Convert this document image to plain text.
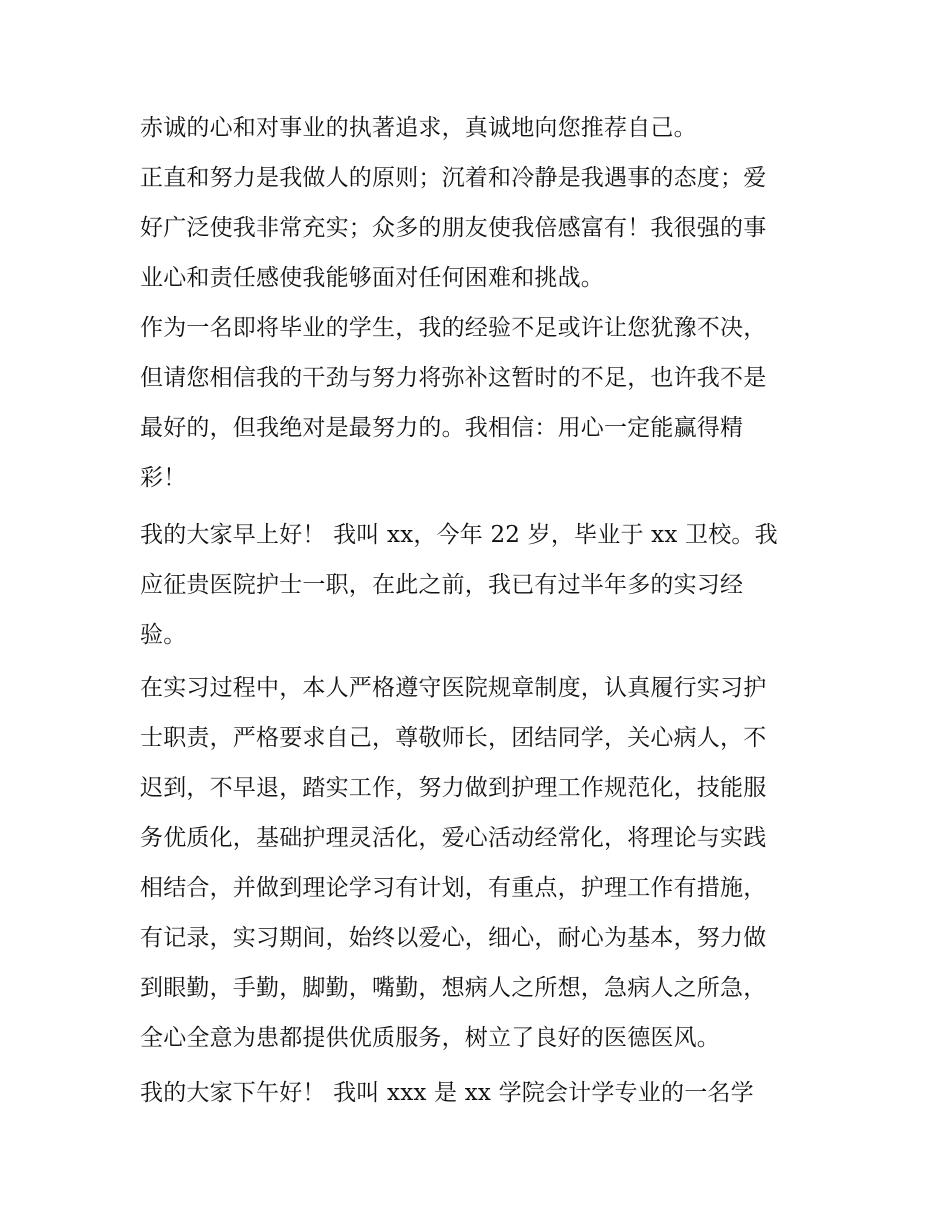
赤诚的心和对事业的执著追求，真诚地向您推荐自己。
正直和努力是我做人的原则；沉着和冷静是我遇事的态度；爱
好广泛使我非常充实；众多的朋友使我倍感富有！我很强的事
业心和责任感使我能够面对任何困难和挑战。
作为一名即将毕业的学生，我的经验不足或许让您犹豫不决，
但请您相信我的干劲与努力将弥补这暂时的不足，也许我不是
最好的，但我绝对是最努力的。我相信：用心一定能赢得精
彩！
我的大家早上好！ 我叫 xx，今年 22 岁，毕业于 xx 卫校。我
应征贵医院护士一职，在此之前，我已有过半年多的实习经
验。
在实习过程中，本人严格遵守医院规章制度，认真履行实习护
士职责，严格要求自己，尊敬师长，团结同学，关心病人，不
迟到，不早退，踏实工作，努力做到护理工作规范化，技能服
务优质化，基础护理灵活化，爱心活动经常化，将理论与实践
相结合，并做到理论学习有计划，有重点，护理工作有措施，
有记录，实习期间，始终以爱心，细心，耐心为基本，努力做
到眼勤，手勤，脚勤，嘴勤，想病人之所想，急病人之所急，
全心全意为患都提供优质服务，树立了良好的医德医风。
我的大家下午好！ 我叫 xxx 是 xx 学院会计学专业的一名学
